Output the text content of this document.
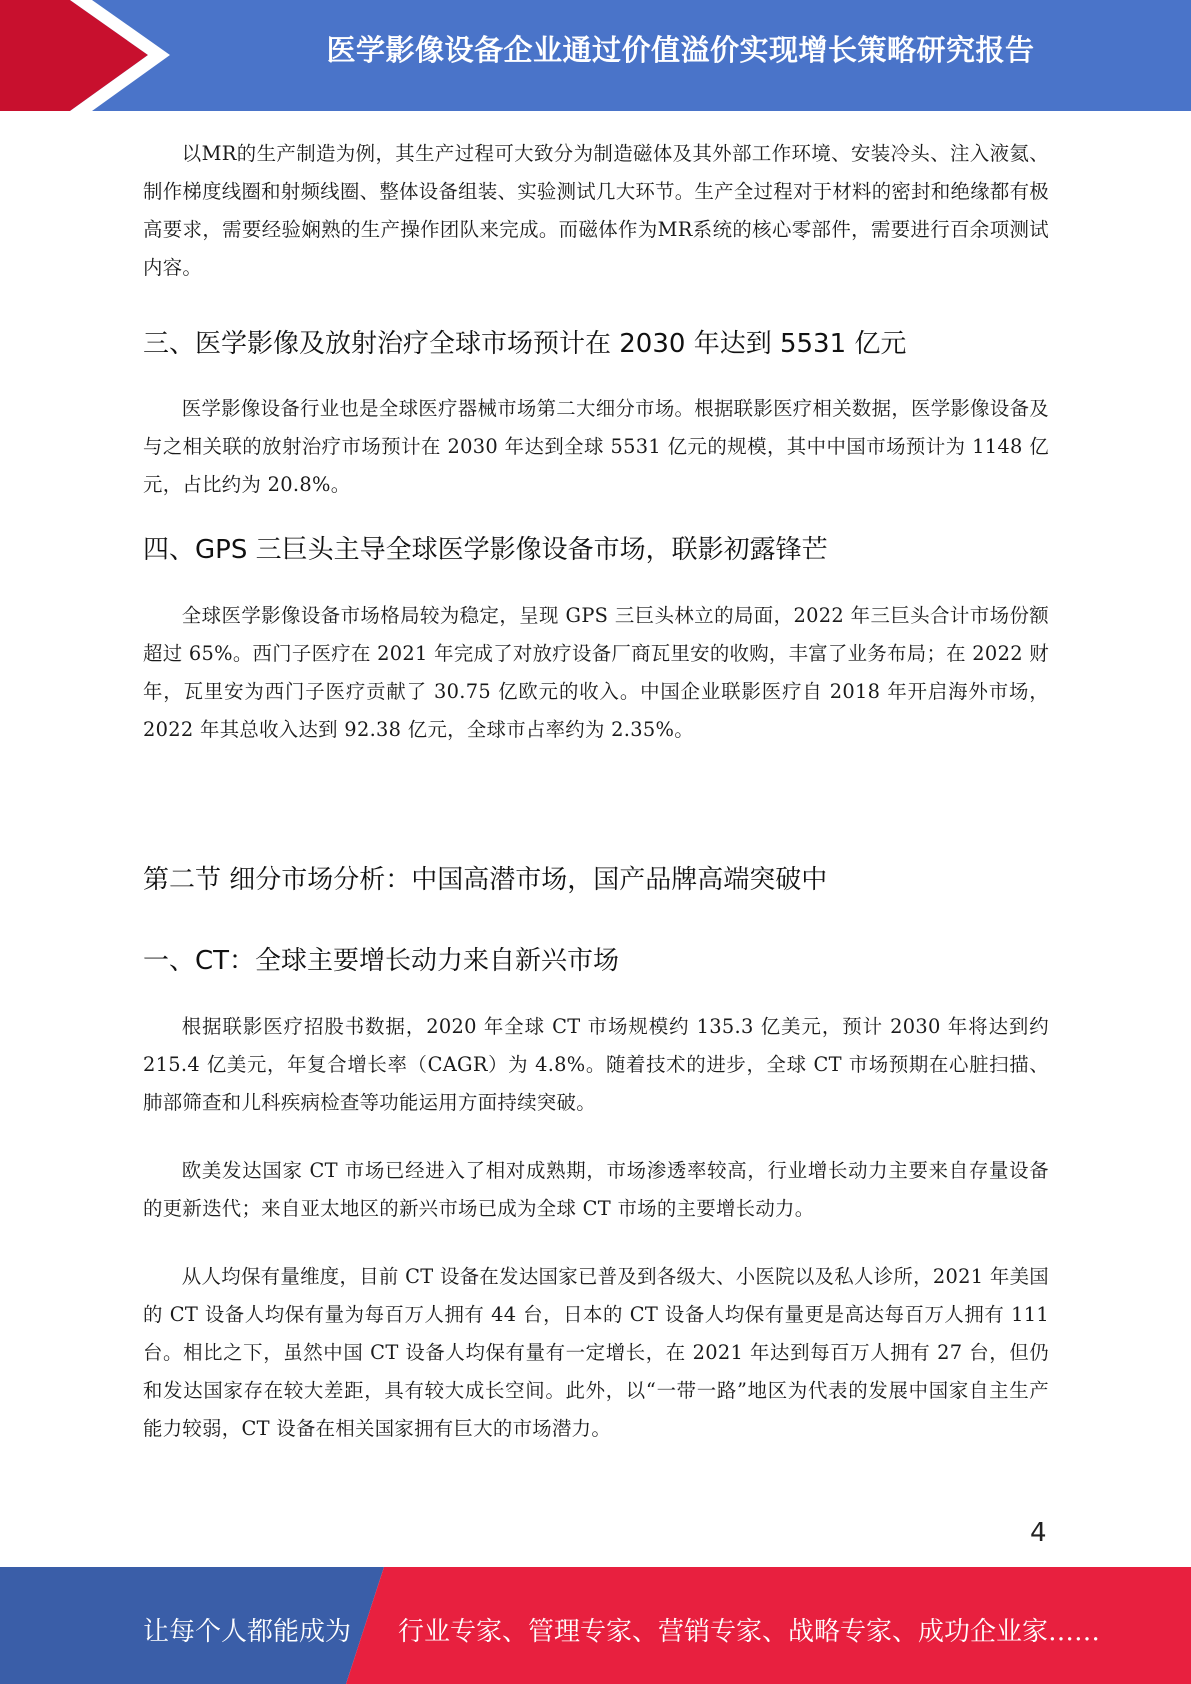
医学影像设备企业通过价值溢价实现增长策略研究报告

以MR的生产制造为例，其生产过程可大致分为制造磁体及其外部工作环境、安装冷头、注入液氦、制作梯度线圈和射频线圈、整体设备组装、实验测试几大环节。生产全过程对于材料的密封和绝缘都有极高要求，需要经验娴熟的生产操作团队来完成。而磁体作为MR系统的核心零部件，需要进行百余项测试内容。

三、医学影像及放射治疗全球市场预计在 2030 年达到 5531 亿元

医学影像设备行业也是全球医疗器械市场第二大细分市场。根据联影医疗相关数据，医学影像设备及与之相关联的放射治疗市场预计在 2030 年达到全球 5531 亿元的规模，其中中国市场预计为 1148 亿元，占比约为 20.8%。

四、GPS 三巨头主导全球医学影像设备市场，联影初露锋芒

全球医学影像设备市场格局较为稳定，呈现 GPS 三巨头林立的局面，2022 年三巨头合计市场份额超过 65%。西门子医疗在 2021 年完成了对放疗设备厂商瓦里安的收购，丰富了业务布局；在 2022 财年，瓦里安为西门子医疗贡献了 30.75 亿欧元的收入。中国企业联影医疗自 2018 年开启海外市场，2022 年其总收入达到 92.38 亿元，全球市占率约为 2.35%。

第二节 细分市场分析：中国高潜市场，国产品牌高端突破中
一、CT：全球主要增长动力来自新兴市场

根据联影医疗招股书数据，2020 年全球 CT 市场规模约 135.3 亿美元，预计 2030 年将达到约 215.4 亿美元，年复合增长率（CAGR）为 4.8%。随着技术的进步，全球 CT 市场预期在心脏扫描、肺部筛查和儿科疾病检查等功能运用方面持续突破。

欧美发达国家 CT 市场已经进入了相对成熟期，市场渗透率较高，行业增长动力主要来自存量设备的更新迭代；来自亚太地区的新兴市场已成为全球 CT 市场的主要增长动力。

从人均保有量维度，目前 CT 设备在发达国家已普及到各级大、小医院以及私人诊所，2021 年美国的 CT 设备人均保有量为每百万人拥有 44 台，日本的 CT 设备人均保有量更是高达每百万人拥有 111 台。相比之下，虽然中国 CT 设备人均保有量有一定增长，在 2021 年达到每百万人拥有 27 台，但仍和发达国家存在较大差距，具有较大成长空间。此外，以“一带一路”地区为代表的发展中国家自主生产能力较弱，CT 设备在相关国家拥有巨大的市场潜力。

4
让每个人都能成为 行业专家、管理专家、营销专家、战略专家、成功企业家……
